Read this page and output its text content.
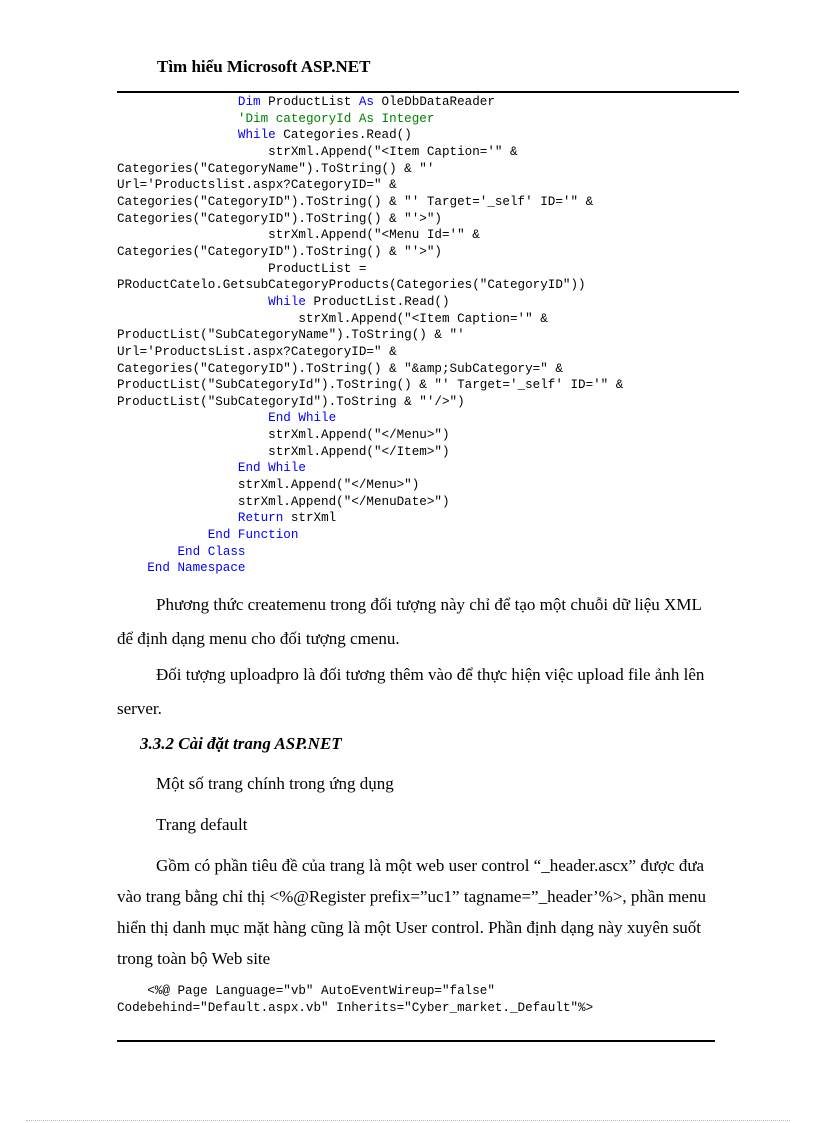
Tìm hiểu Microsoft ASP.NET
Dim ProductList As OleDbDataReader
'Dim categoryId As Integer
While Categories.Read()
strXml.Append("<Item Caption='" &
Categories("CategoryName").ToString() & "'
Url='Productslist.aspx?CategoryID=" &
Categories("CategoryID").ToString() & "' Target='_self' ID='" &
Categories("CategoryID").ToString() & "'>")
strXml.Append("<Menu Id='" &
Categories("CategoryID").ToString() & "'>")
ProductList =
PRoductCatelo.GetsubCategoryProducts(Categories("CategoryID"))
While ProductList.Read()
strXml.Append("<Item Caption='" &
ProductList("SubCategoryName").ToString() & "'
Url='ProductsList.aspx?CategoryID=" &
Categories("CategoryID").ToString() & "&amp;SubCategory=" &
ProductList("SubCategoryId").ToString() & "' Target='_self' ID='" &
ProductList("SubCategoryId").ToString & "'/>")
End While
strXml.Append("</Menu>")
strXml.Append("</Item>")
End While
strXml.Append("</Menu>")
strXml.Append("</MenuDate>")
Return strXml
End Function
End Class
End Namespace
Phương thức createmenu trong đối tượng này chỉ để tạo một chuỗi dữ liệu XML để định dạng menu cho đối tượng cmenu.
Đối tượng uploadpro là đối tương thêm vào để thực hiện việc upload file ảnh lên server.
3.3.2 Cài đặt trang ASP.NET
Một số trang chính trong ứng dụng
Trang default
Gồm có phần tiêu đề của trang là một web user control “_header.ascx” được đưa vào trang bằng chỉ thị <%@Register prefix=”uc1” tagname=”_header’%>, phần menu hiển thị danh mục mặt hàng cũng là một User control. Phần định dạng này xuyên suốt trong toàn bộ Web site
<%@ Page Language="vb" AutoEventWireup="false"
Codebehind="Default.aspx.vb" Inherits="Cyber_market._Default"%>
